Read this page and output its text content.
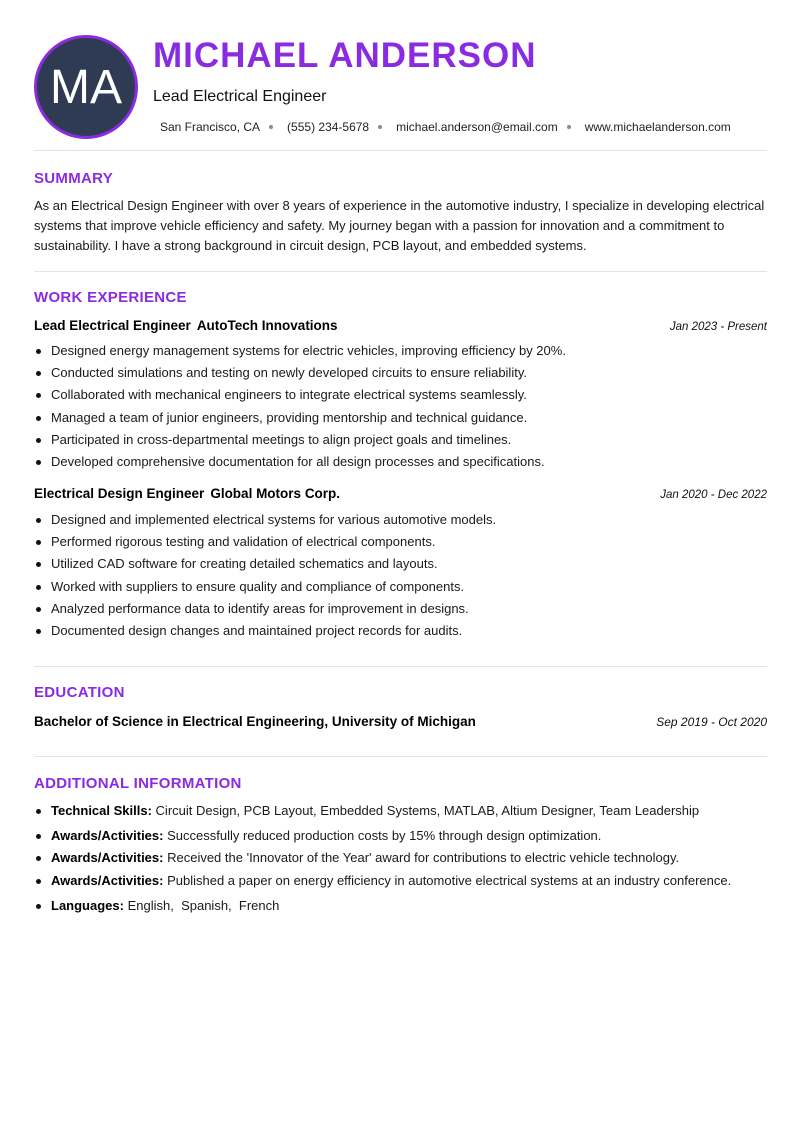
MA
MICHAEL ANDERSON
Lead Electrical Engineer
San Francisco, CA (555) 234-5678 michael.anderson@email.com www.michaelanderson.com
SUMMARY
As an Electrical Design Engineer with over 8 years of experience in the automotive industry, I specialize in developing electrical systems that improve vehicle efficiency and safety. My journey began with a passion for innovation and a commitment to sustainability. I have a strong background in circuit design, PCB layout, and embedded systems.
WORK EXPERIENCE
Lead Electrical Engineer AutoTech Innovations	Jan 2023 - Present
Designed energy management systems for electric vehicles, improving efficiency by 20%.
Conducted simulations and testing on newly developed circuits to ensure reliability.
Collaborated with mechanical engineers to integrate electrical systems seamlessly.
Managed a team of junior engineers, providing mentorship and technical guidance.
Participated in cross-departmental meetings to align project goals and timelines.
Developed comprehensive documentation for all design processes and specifications.
Electrical Design Engineer Global Motors Corp.	Jan 2020 - Dec 2022
Designed and implemented electrical systems for various automotive models.
Performed rigorous testing and validation of electrical components.
Utilized CAD software for creating detailed schematics and layouts.
Worked with suppliers to ensure quality and compliance of components.
Analyzed performance data to identify areas for improvement in designs.
Documented design changes and maintained project records for audits.
EDUCATION
Bachelor of Science in Electrical Engineering, University of Michigan	Sep 2019 - Oct 2020
ADDITIONAL INFORMATION
Technical Skills: Circuit Design, PCB Layout, Embedded Systems, MATLAB, Altium Designer, Team Leadership
Awards/Activities: Successfully reduced production costs by 15% through design optimization.
Awards/Activities: Received the 'Innovator of the Year' award for contributions to electric vehicle technology.
Awards/Activities: Published a paper on energy efficiency in automotive electrical systems at an industry conference.
Languages: English,  Spanish,  French
